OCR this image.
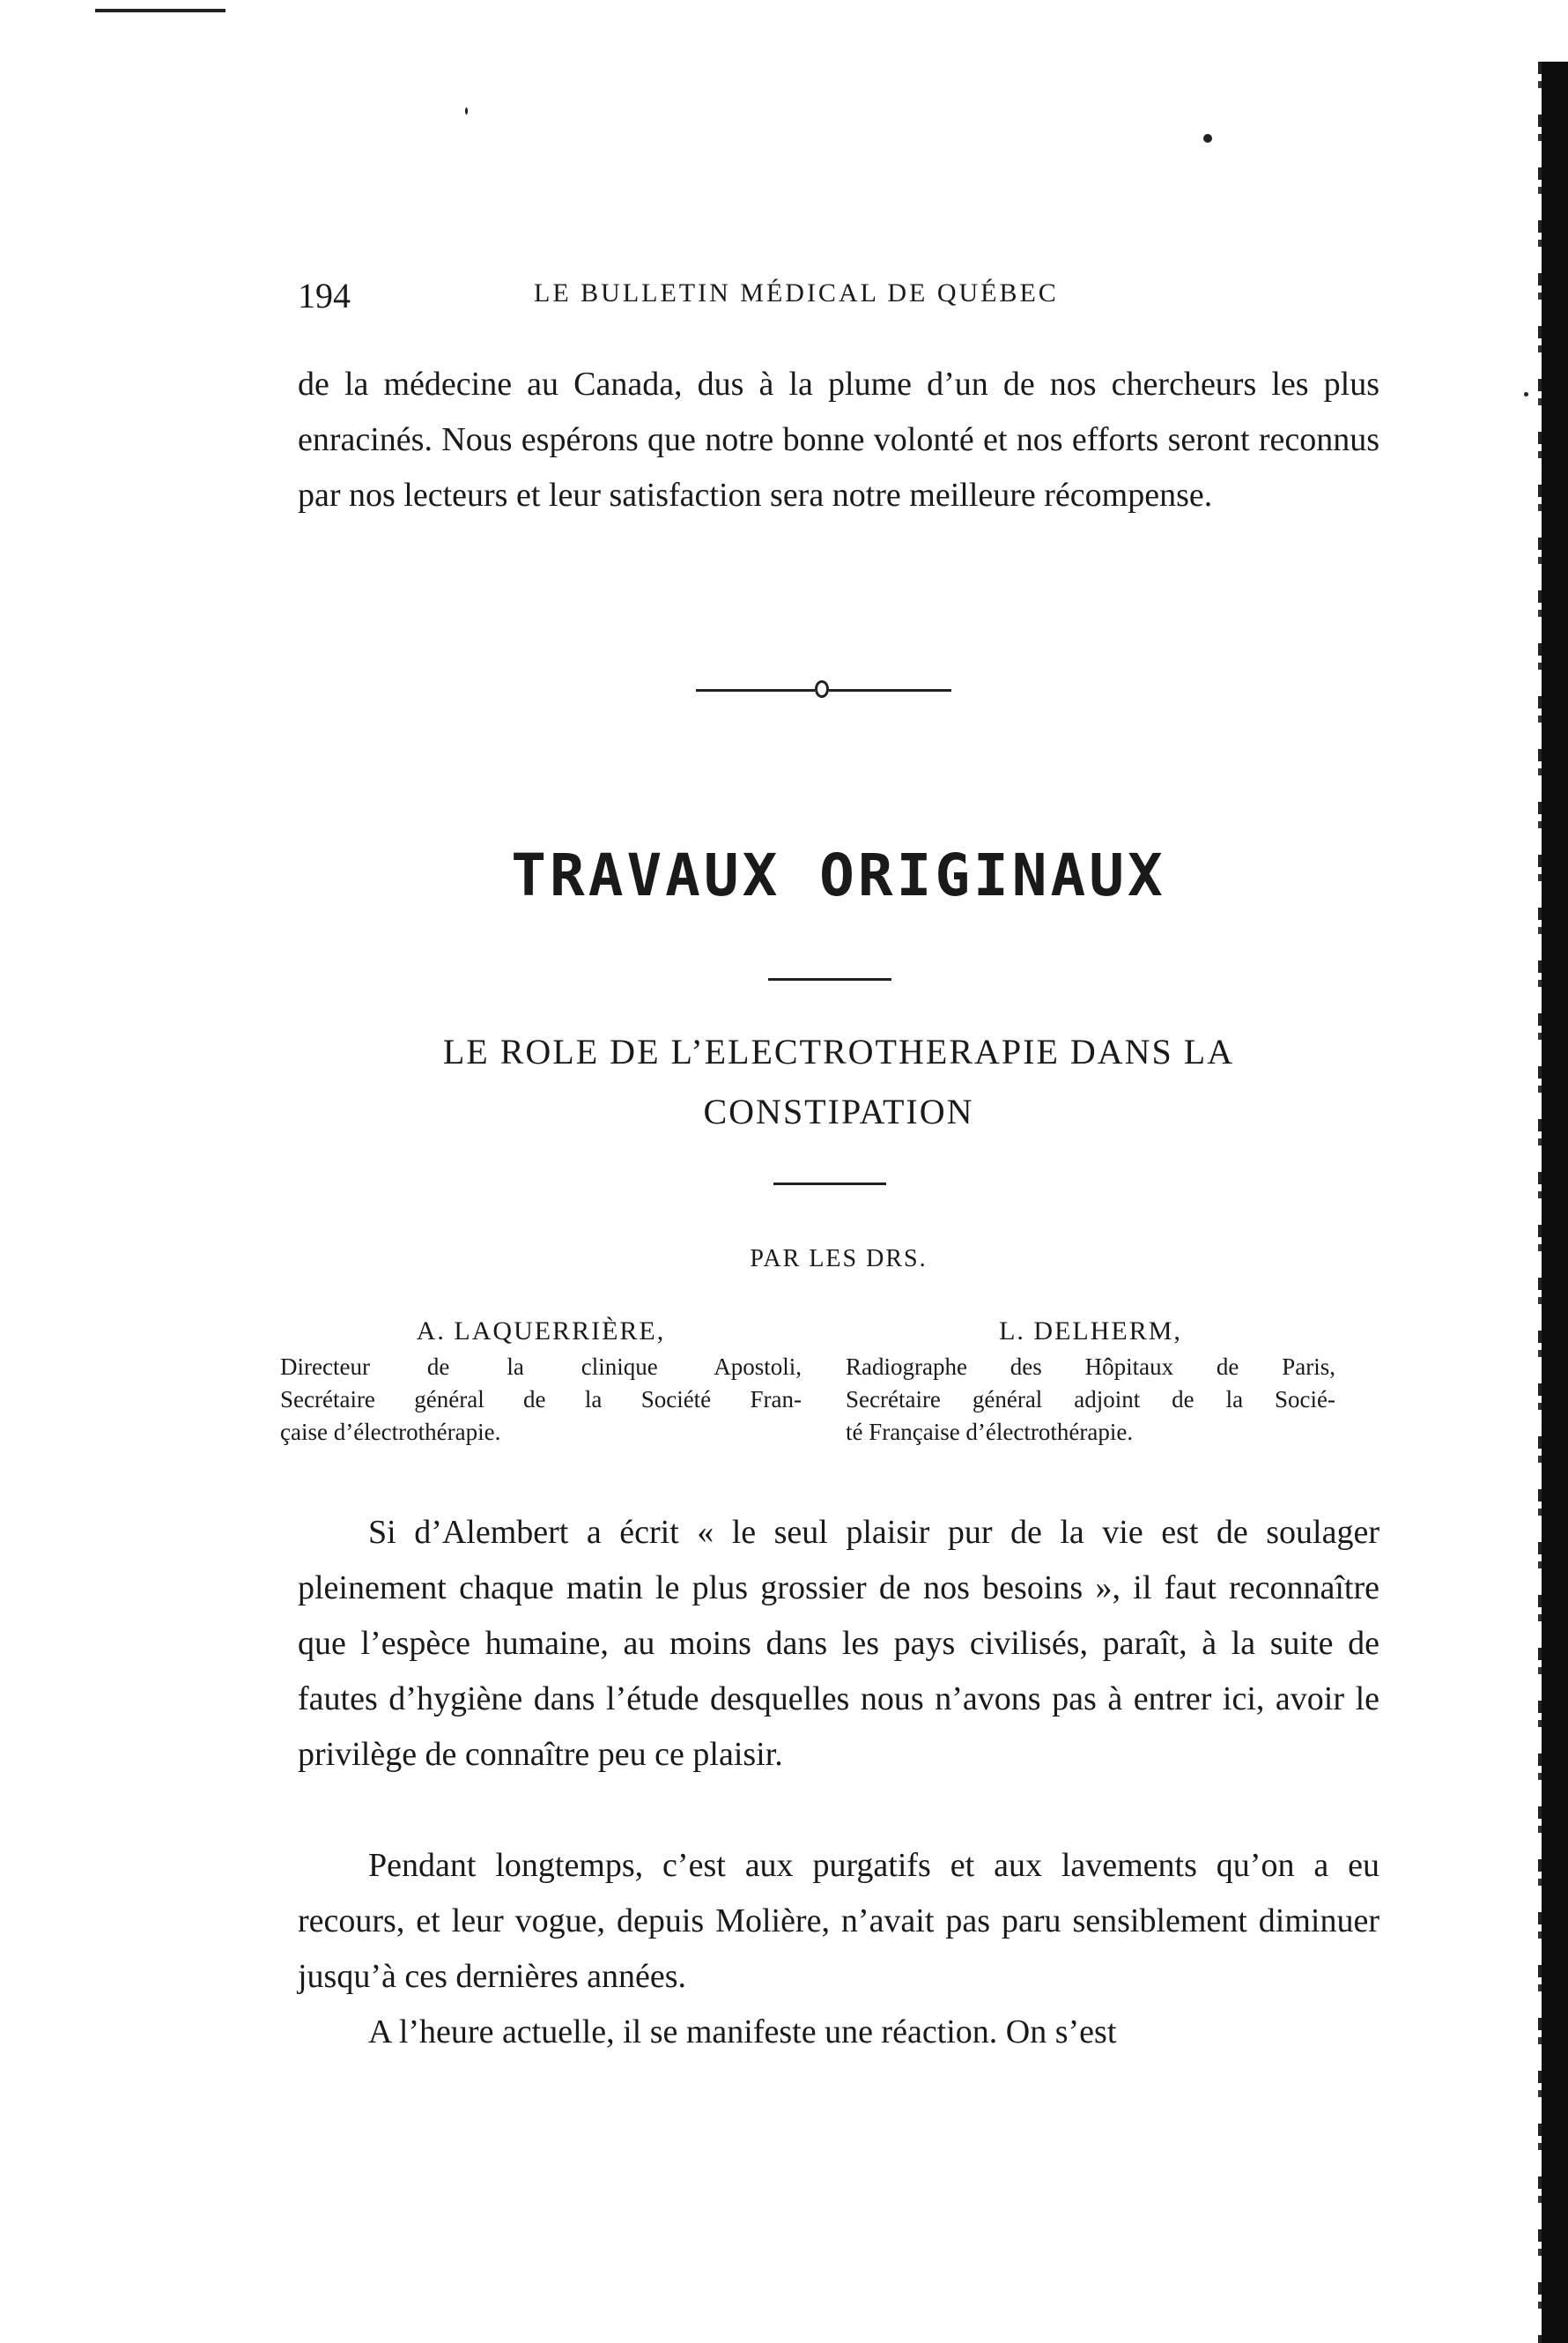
194	LE BULLETIN MÉDICAL DE QUÉBEC

de la médecine au Canada, dus à la plume d’un de nos chercheurs les plus enracinés. Nous espérons que notre bonne volonté et nos efforts seront reconnus par nos lecteurs et leur satisfaction sera notre meilleure récompense.

TRAVAUX ORIGINAUX
LE ROLE DE L’ELECTROTHERAPIE DANS LA
CONSTIPATION
PAR LES DRS.
A. LAQUERRIÈRE,
Directeur de la clinique Apostoli,
Secrétaire général de la Société Fran-
çaise d’électrothérapie.
L. DELHERM,
Radiographe des Hôpitaux de Paris,
Secrétaire général adjoint de la Socié-
té Française d’électrothérapie.

Si d’Alembert a écrit « le seul plaisir pur de la vie est de soulager pleinement chaque matin le plus grossier de nos besoins », il faut reconnaître que l’espèce humaine, au moins dans les pays civilisés, paraît, à la suite de fautes d’hygiène dans l’étude desquelles nous n’avons pas à entrer ici, avoir le privilège de connaître peu ce plaisir.

Pendant longtemps, c’est aux purgatifs et aux lavements qu’on a eu recours, et leur vogue, depuis Molière, n’avait pas paru sensiblement diminuer jusqu’à ces dernières années.

A l’heure actuelle, il se manifeste une réaction. On s’est
